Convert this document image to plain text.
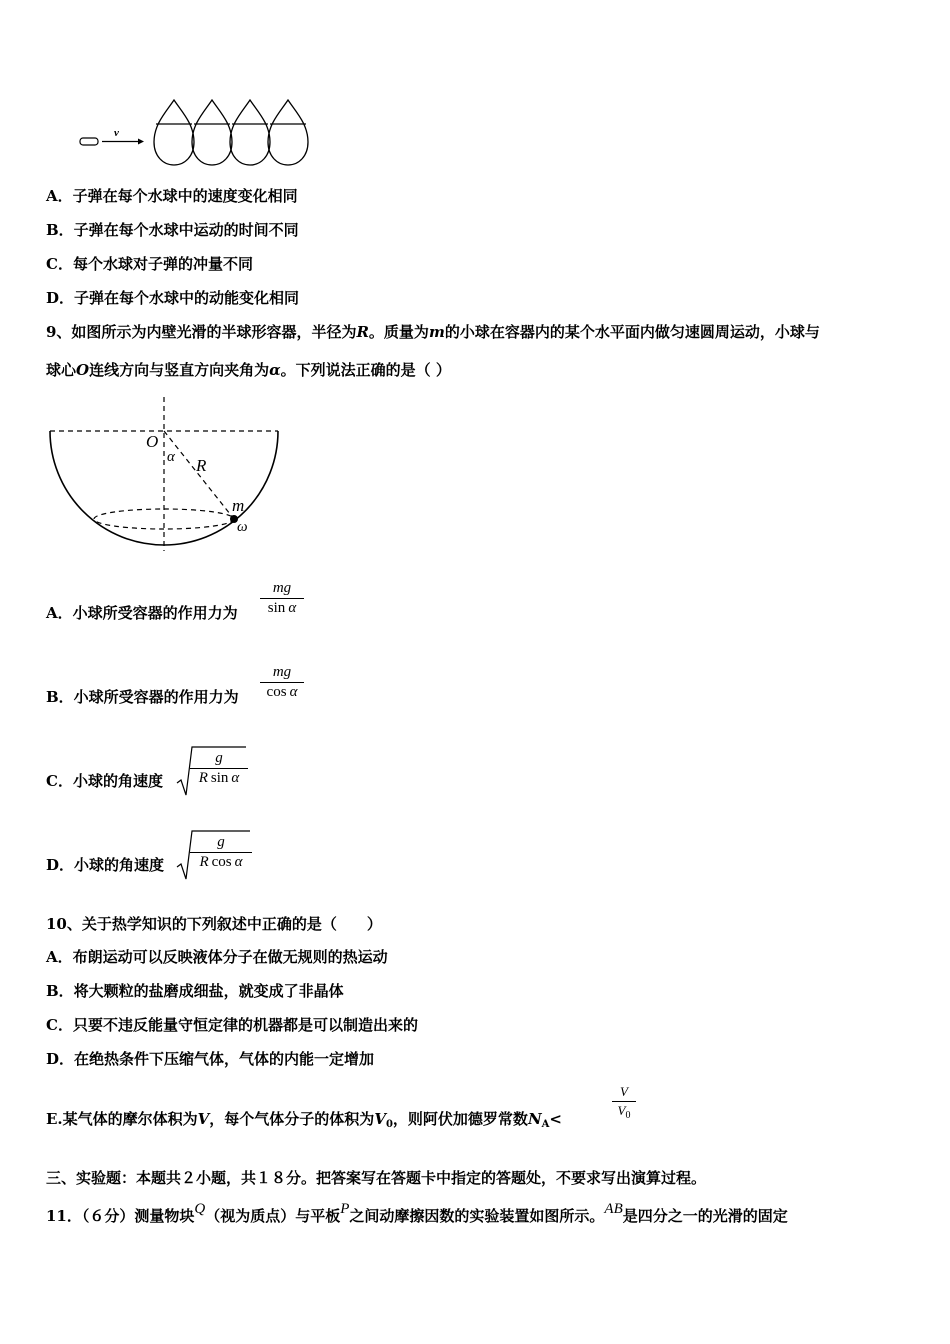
v
A．子弹在每个水球中的速度变化相同
B．子弹在每个水球中运动的时间不同
C．每个水球对子弹的冲量不同
D．子弹在每个水球中的动能变化相同
9、如图所示为内壁光滑的半球形容器，半径为R。质量为m的小球在容器内的某个水平面内做匀速圆周运动，小球与
球心O连线方向与竖直方向夹角为α。下列说法正确的是（ ）
O
α R
m
ω
A．小球所受容器的作用力为
mg
sin  α
B．小球所受容器的作用力为
mg
cos  α
C．小球的角速度
g
R  sin  α
D．小球的角速度
g
R  cos  α
10、关于热学知识的下列叙述中正确的是（　　）
A．布朗运动可以反映液体分子在做无规则的热运动
B．将大颗粒的盐磨成细盐，就变成了非晶体
C．只要不违反能量守恒定律的机器都是可以制造出来的
D．在绝热条件下压缩气体，气体的内能一定增加
E.某气体的摩尔体积为V，每个气体分子的体积为$V_0$，则阿伏加德罗常数$N_A<$
V
$V_0$
三、实验题：本题共２小题，共１８分。把答案写在答题卡中指定的答题处，不要求写出演算过程。
11．（６分）测量物块Q（视为质点）与平板P之间动摩擦因数的实验装置如图所示。AB是四分之一的光滑的固定
